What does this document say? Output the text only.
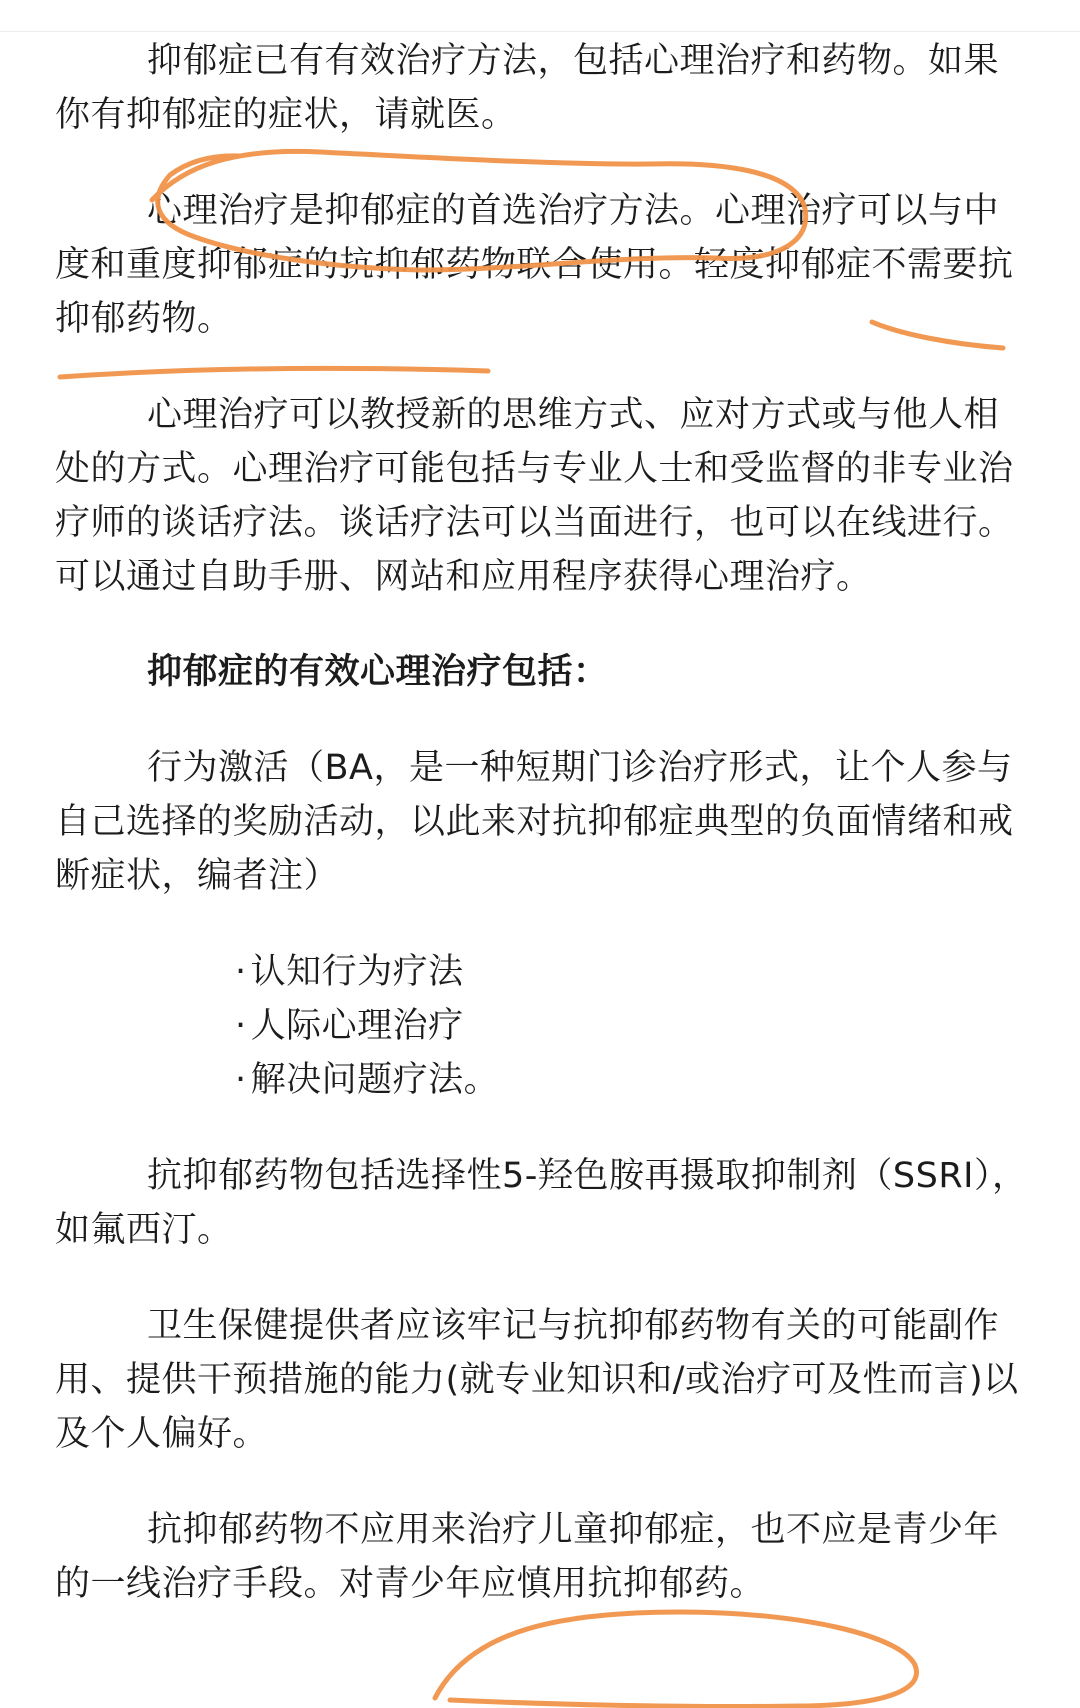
抑郁症已有有效治疗方法，包括心理治疗和药物。如果你有抑郁症的症状，请就医。

心理治疗是抑郁症的首选治疗方法。心理治疗可以与中度和重度抑郁症的抗抑郁药物联合使用。轻度抑郁症不需要抗抑郁药物。

心理治疗可以教授新的思维方式、应对方式或与他人相处的方式。心理治疗可能包括与专业人士和受监督的非专业治疗师的谈话疗法。谈话疗法可以当面进行，也可以在线进行。可以通过自助手册、网站和应用程序获得心理治疗。

抑郁症的有效心理治疗包括：

行为激活（BA，是一种短期门诊治疗形式，让个人参与自己选择的奖励活动，以此来对抗抑郁症典型的负面情绪和戒断症状，编者注）

· 认知行为疗法
· 人际心理治疗
· 解决问题疗法。

抗抑郁药物包括选择性5-羟色胺再摄取抑制剂（SSRI），如氟西汀。

卫生保健提供者应该牢记与抗抑郁药物有关的可能副作用、提供干预措施的能力(就专业知识和/或治疗可及性而言)以及个人偏好。

抗抑郁药物不应用来治疗儿童抑郁症，也不应是青少年的一线治疗手段。对青少年应慎用抗抑郁药。
